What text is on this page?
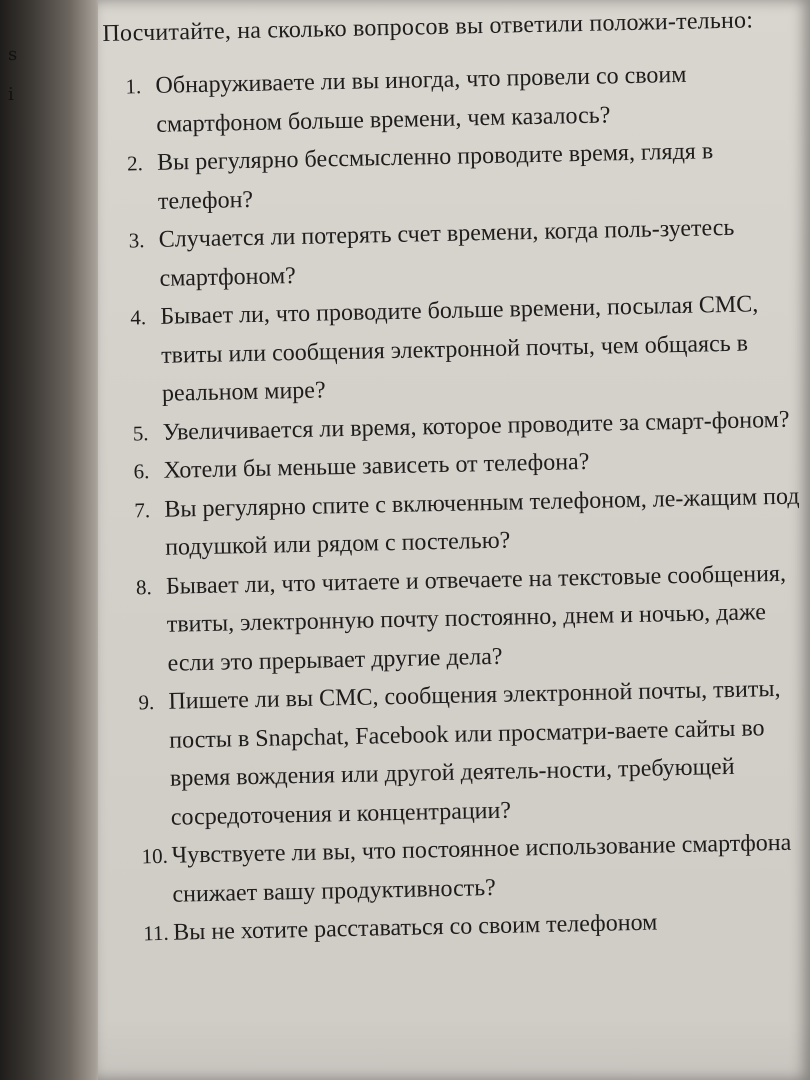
s
i

Посчитайте, на сколько вопросов вы ответили положи-тельно:

1. Обнаруживаете ли вы иногда, что провели со своим смартфоном больше времени, чем казалось?
2. Вы регулярно бессмысленно проводите время, глядя в телефон?
3. Случается ли потерять счет времени, когда поль-зуетесь смартфоном?
4. Бывает ли, что проводите больше времени, посылая СМС, твиты или сообщения электронной почты, чем общаясь в реальном мире?
5. Увеличивается ли время, которое проводите за смарт-фоном?
6. Хотели бы меньше зависеть от телефона?
7. Вы регулярно спите с включенным телефоном, ле-жащим под подушкой или рядом с постелью?
8. Бывает ли, что читаете и отвечаете на текстовые сообщения, твиты, электронную почту постоянно, днем и ночью, даже если это прерывает другие дела?
9. Пишете ли вы СМС, сообщения электронной почты, твиты, посты в Snapchat, Facebook или просматри-ваете сайты во время вождения или другой деятель-ности, требующей сосредоточения и концентрации?
10. Чувствуете ли вы, что постоянное использование смартфона снижает вашу продуктивность?
11. Вы не хотите расставаться со своим телефоном
